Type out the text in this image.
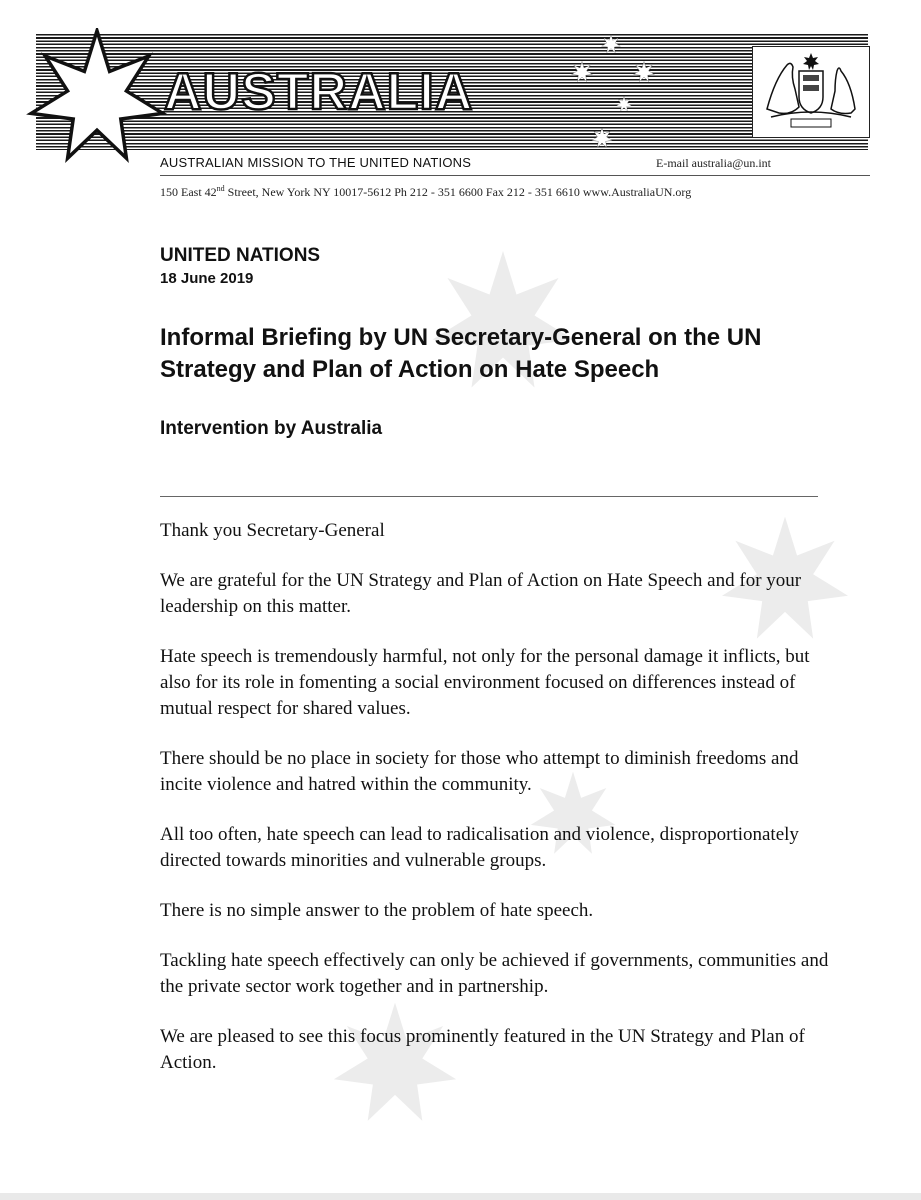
AUSTRALIA
AUSTRALIAN MISSION TO THE UNITED NATIONS	E-mail australia@un.int
150 East 42nd Street, New York NY 10017-5612 Ph 212 - 351 6600 Fax 212 - 351 6610 www.AustraliaUN.org
UNITED NATIONS
18 June 2019
Informal Briefing by UN Secretary-General on the UN Strategy and Plan of Action on Hate Speech
Intervention by Australia

Thank you Secretary-General

We are grateful for the UN Strategy and Plan of Action on Hate Speech and for your leadership on this matter.

Hate speech is tremendously harmful, not only for the personal damage it inflicts, but also for its role in fomenting a social environment focused on differences instead of mutual respect for shared values.

There should be no place in society for those who attempt to diminish freedoms and incite violence and hatred within the community.

All too often, hate speech can lead to radicalisation and violence, disproportionately directed towards minorities and vulnerable groups.

There is no simple answer to the problem of hate speech.

Tackling hate speech effectively can only be achieved if governments, communities and the private sector work together and in partnership.

We are pleased to see this focus prominently featured in the UN Strategy and Plan of Action.
